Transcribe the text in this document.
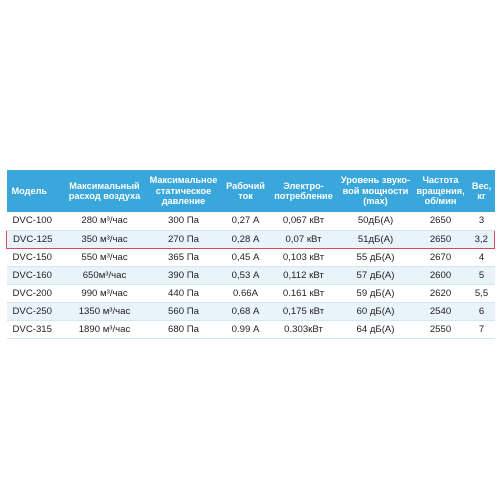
Модель	Максимальный расход воздуха	Максимальное статическое давление	Рабочий ток	Электро-потребление	Уровень звуко-вой мощности (max)	Частота вращения, об/мин	Вес, кг
DVC-100	280 м³/час	300 Па	0,27 А	0,067 кВт	50дБ(А)	2650	3
DVC-125	350 м³/час	270 Па	0,28 А	0,07 кВт	51дБ(А)	2650	3,2
DVC-150	550 м³/час	365 Па	0,45 А	0,103 кВт	55 дБ(А)	2670	4
DVC-160	650м³/час	390 Па	0,53 А	0,112 кВт	57 дБ(А)	2600	5
DVC-200	990 м³/час	440 Па	0.66А	0.161 кВт	59 дБ(А)	2620	5,5
DVC-250	1350 м³/час	560 Па	0,68 А	0,175 кВт	60 дБ(А)	2540	6
DVC-315	1890 м³/час	680 Па	0.99 А	0.303кВт	64 дБ(А)	2550	7
